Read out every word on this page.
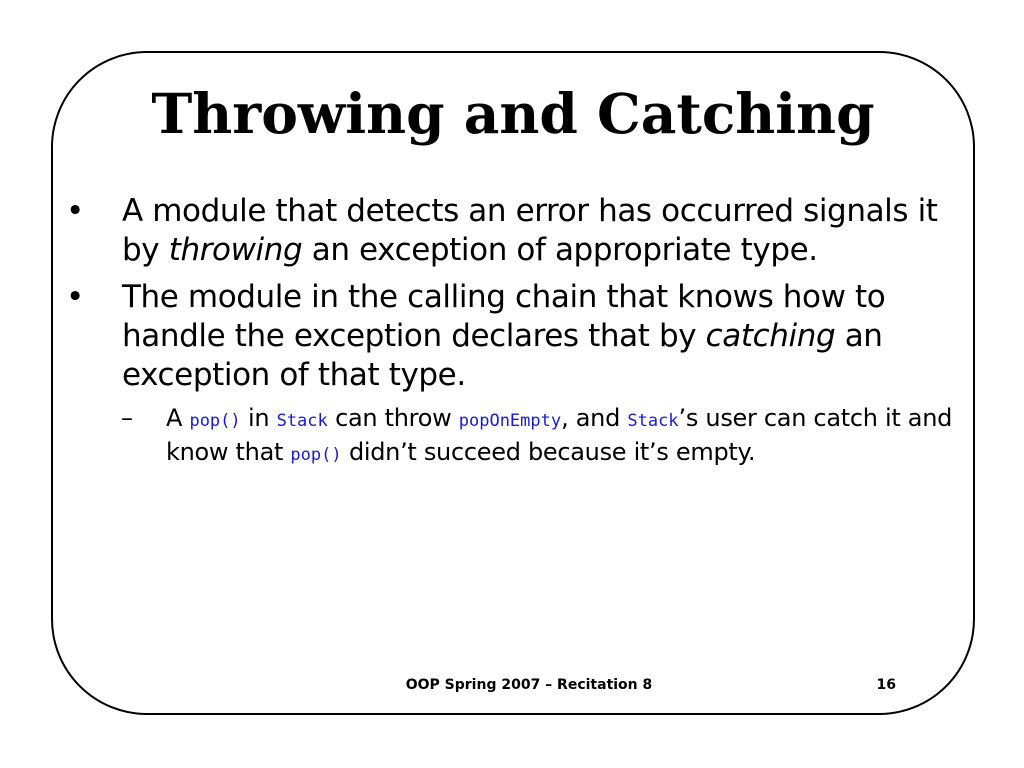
Throwing and Catching
•	A module that detects an error has occurred signals it by throwing an exception of appropriate type.
•	The module in the calling chain that knows how to handle the exception declares that by catching an exception of that type.
– A pop() in Stack can throw popOnEmpty, and Stack’s user can catch it and know that pop() didn’t succeed because it’s empty.
OOP Spring 2007 – Recitation 8	16
